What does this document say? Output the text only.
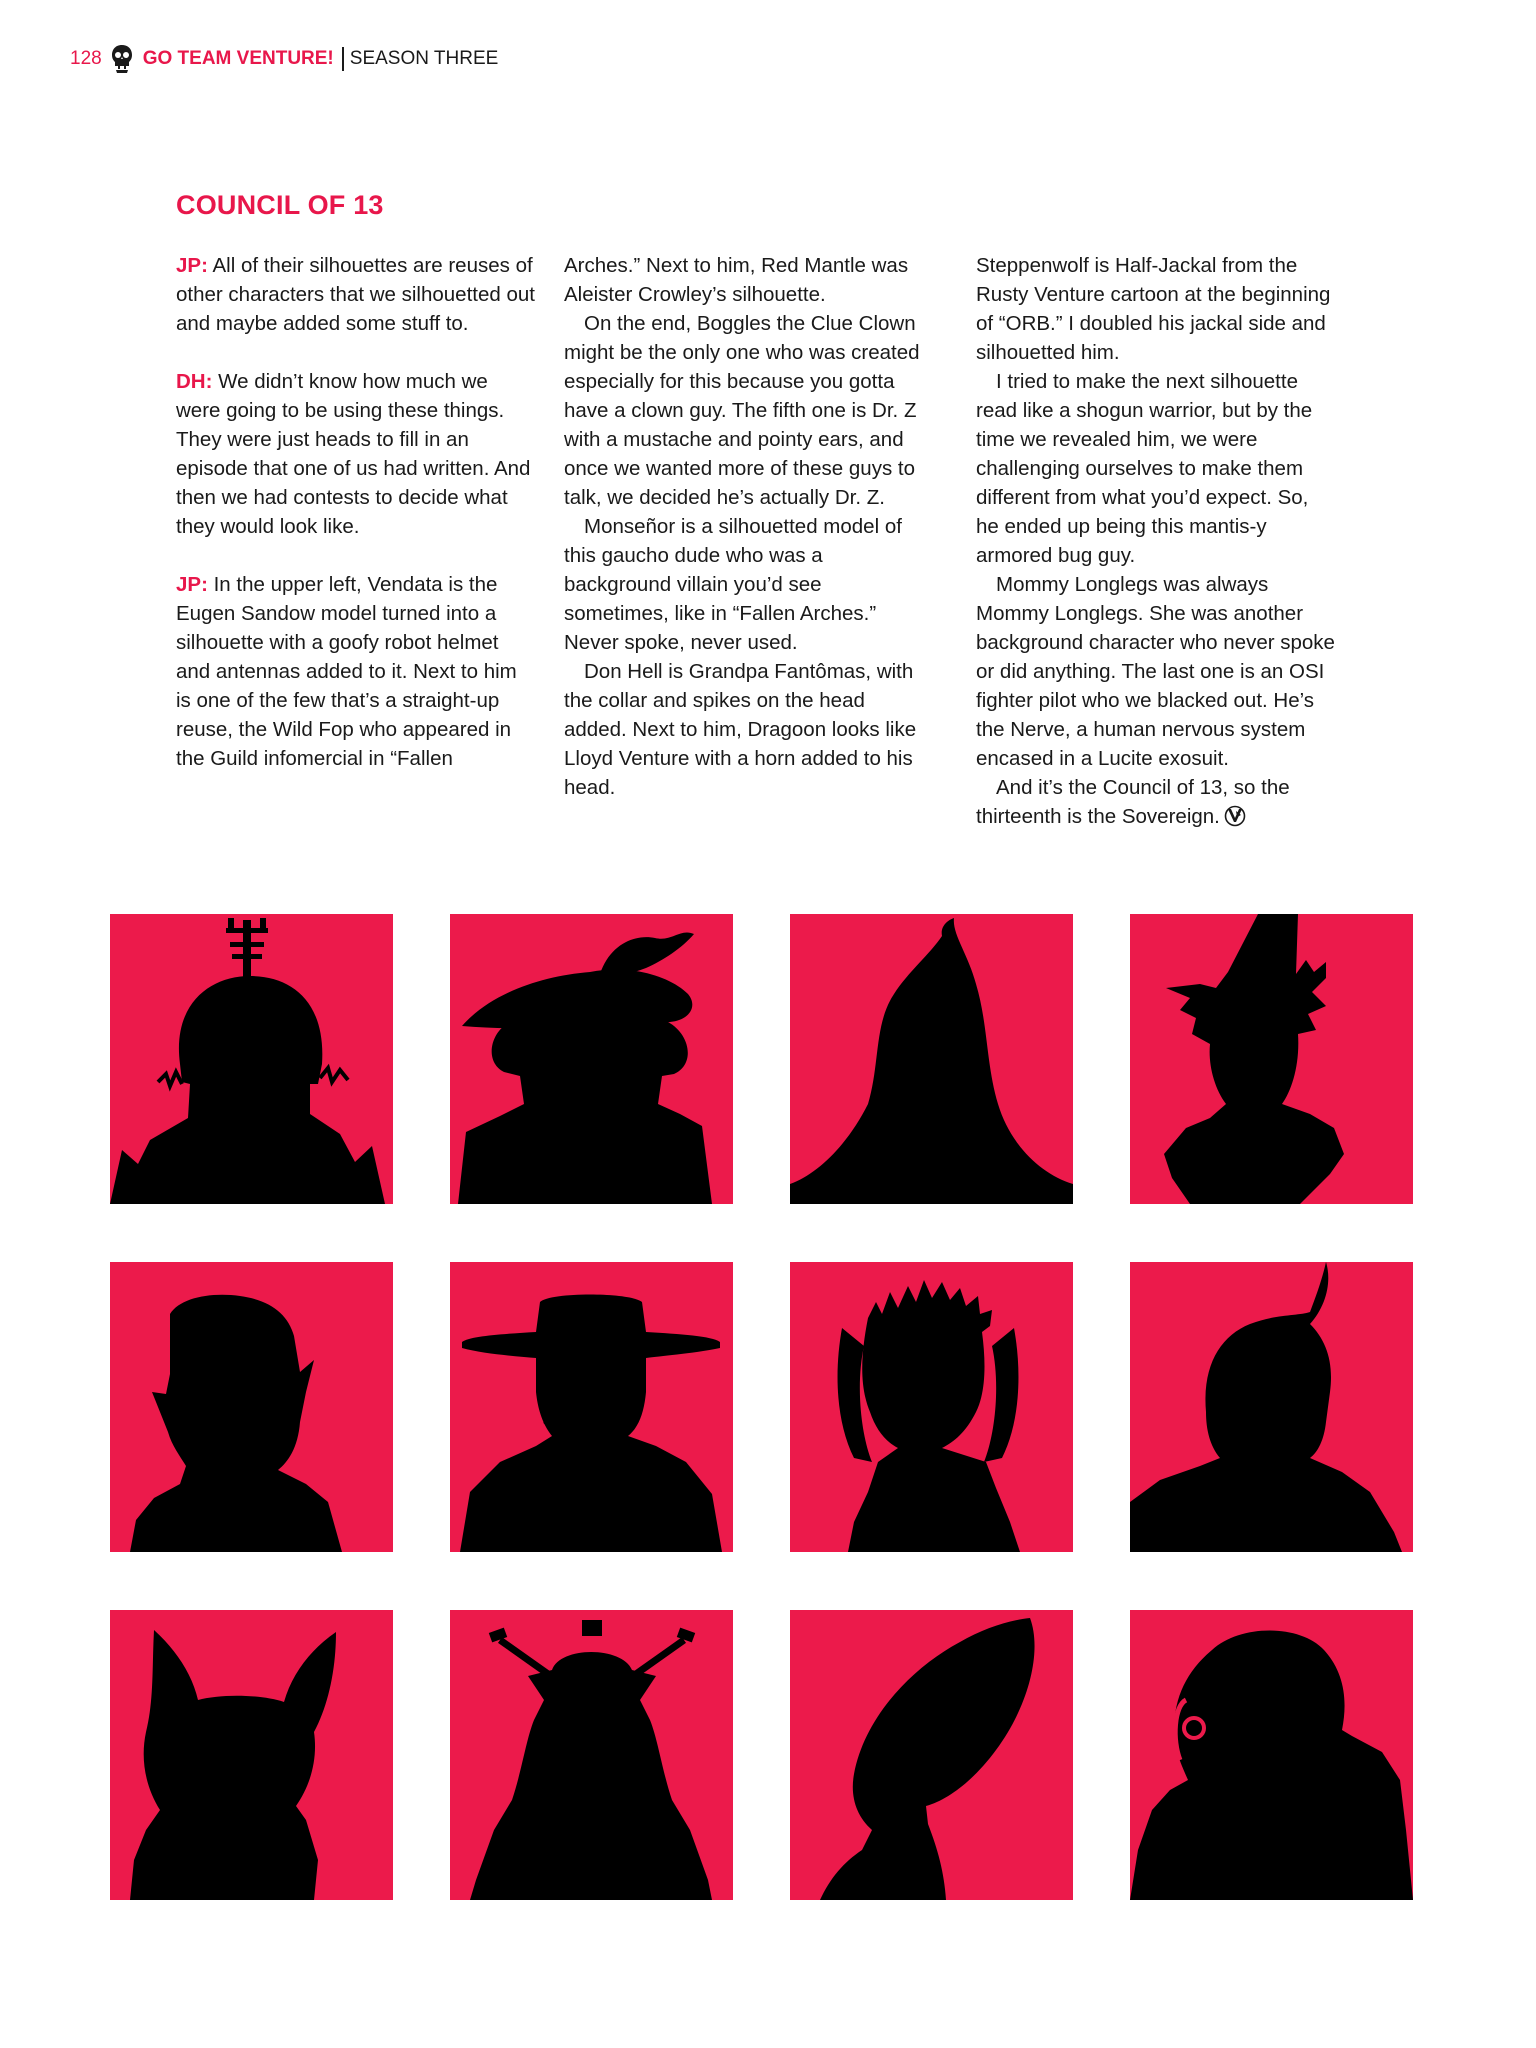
128 GO TEAM VENTURE! SEASON THREE
COUNCIL OF 13

JP: All of their silhouettes are reuses of other characters that we silhouetted out and maybe added some stuff to.

DH: We didn’t know how much we were going to be using these things. They were just heads to fill in an episode that one of us had written. And then we had contests to decide what they would look like.

JP: In the upper left, Vendata is the Eugen Sandow model turned into a silhouette with a goofy robot helmet and antennas added to it. Next to him is one of the few that’s a straight-up reuse, the Wild Fop who appeared in the Guild infomercial in “Fallen

Arches.” Next to him, Red Mantle was Aleister Crowley’s silhouette.

On the end, Boggles the Clue Clown might be the only one who was created especially for this because you gotta have a clown guy. The fifth one is Dr. Z with a mustache and pointy ears, and once we wanted more of these guys to talk, we decided he’s actually Dr. Z.

Monseñor is a silhouetted model of this gaucho dude who was a background villain you’d see sometimes, like in “Fallen Arches.” Never spoke, never used.

Don Hell is Grandpa Fantômas, with the collar and spikes on the head added. Next to him, Dragoon looks like Lloyd Venture with a horn added to his head.

Steppenwolf is Half-Jackal from the Rusty Venture cartoon at the beginning of “ORB.” I doubled his jackal side and silhouetted him.

I tried to make the next silhouette read like a shogun warrior, but by the time we revealed him, we were challenging ourselves to make them different from what you’d expect. So, he ended up being this mantis-y armored bug guy.

Mommy Longlegs was always Mommy Longlegs. She was another background character who never spoke or did anything. The last one is an OSI fighter pilot who we blacked out. He’s the Nerve, a human nervous system encased in a Lucite exosuit.

And it’s the Council of 13, so the thirteenth is the Sovereign.
